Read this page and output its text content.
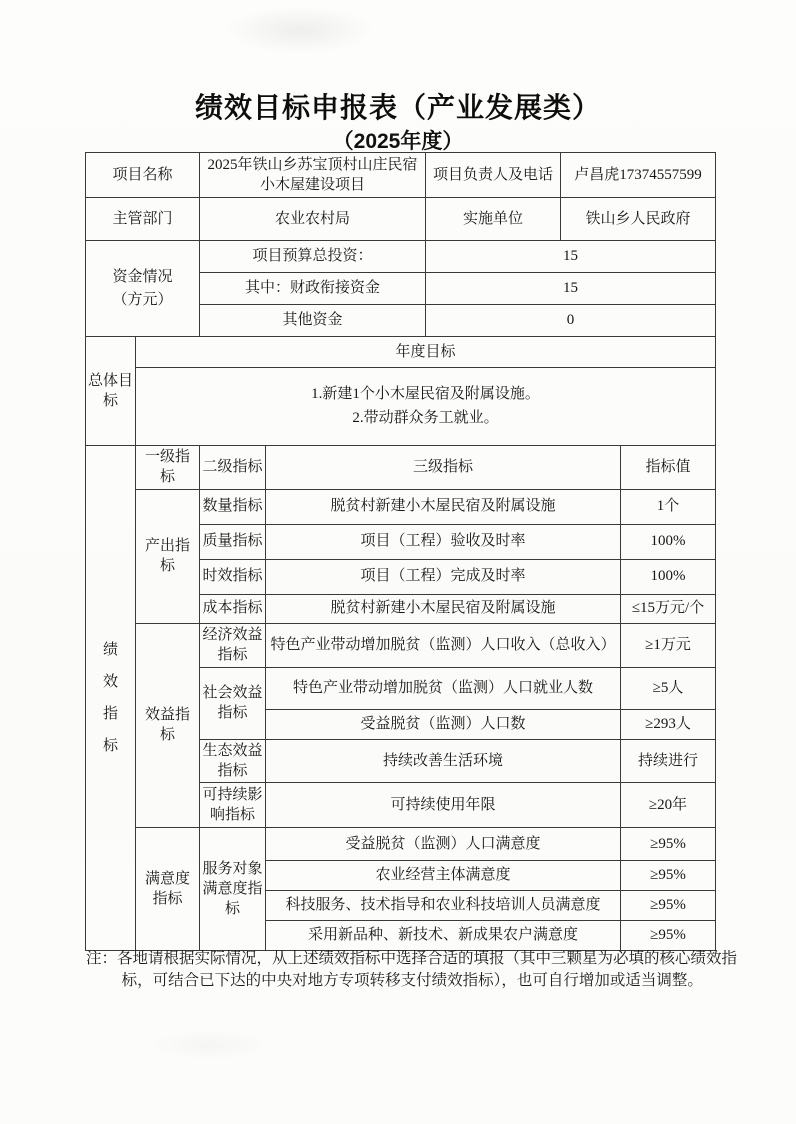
绩效目标申报表（产业发展类）
（2025年度）
项目名称		2025年铁山乡苏宝顶村山庄民宿小木屋建设项目		项目负责人及电话	卢昌虎17374557599	
主管部门		农业农村局		实施单位	铁山乡人民政府	

资金情况
（方元）		项目预算总投资：		15		
		其中：财政衔接资金		15		
		其他资金		0		
总体目标	年度目标					

	1.新建1个小木屋民宿及附属设施。
2.带动群众务工就业。					

绩效指标	一级指标	二级指标	三级指标			指标值
	产出指标	数量指标	脱贫村新建小木屋民宿及附属设施			1个
		质量指标	项目（工程）验收及时率			100%
		时效指标	项目（工程）完成及时率			100%
		成本指标	脱贫村新建小木屋民宿及附属设施			≤15万元/个
	效益指标	经济效益指标	特色产业带动增加脱贫（监测）人口收入（总收入）			≥1万元
		社会效益指标	特色产业带动增加脱贫（监测）人口就业人数			≥5人
			受益脱贫（监测）人口数			≥293人
		生态效益指标	持续改善生活环境			持续进行
		可持续影响指标	可持续使用年限			≥20年
	满意度指标	服务对象满意度指标	受益脱贫（监测）人口满意度			≥95%
			农业经营主体满意度			≥95%
			科技服务、技术指导和农业科技培训人员满意度			≥95%
			采用新品种、新技术、新成果农户满意度			≥95%
注：各地请根据实际情况，从上述绩效指标中选择合适的填报（其中三颗星为必填的核心绩效指标，可结合已下达的中央对地方专项转移支付绩效指标），也可自行增加或适当调整。
